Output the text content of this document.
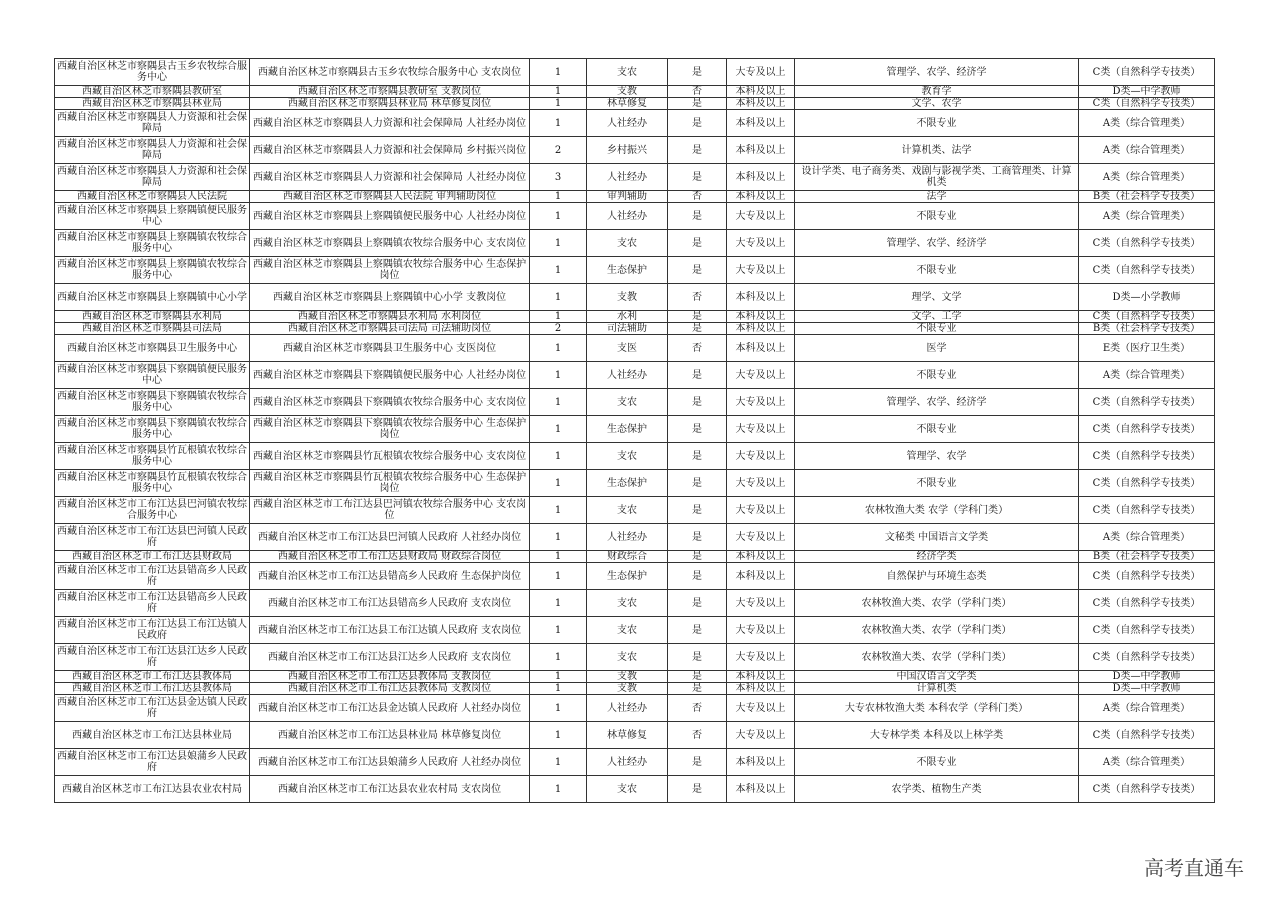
西藏自治区林芝市察隅县古玉乡农牧综合服务中心	西藏自治区林芝市察隅县古玉乡农牧综合服务中心 支农岗位	1	支农	是	大专及以上	管理学、农学、经济学	C类（自然科学专技类）
西藏自治区林芝市察隅县教研室	西藏自治区林芝市察隅县教研室 支教岗位	1	支教	否	本科及以上	教育学	D类—中学教师
西藏自治区林芝市察隅县林业局	西藏自治区林芝市察隅县林业局 林草修复岗位	1	林草修复	是	本科及以上	文学、农学	C类（自然科学专技类）
西藏自治区林芝市察隅县人力资源和社会保障局	西藏自治区林芝市察隅县人力资源和社会保障局 人社经办岗位	1	人社经办	是	本科及以上	不限专业	A类（综合管理类）
西藏自治区林芝市察隅县人力资源和社会保障局	西藏自治区林芝市察隅县人力资源和社会保障局 乡村振兴岗位	2	乡村振兴	是	本科及以上	计算机类、法学	A类（综合管理类）
西藏自治区林芝市察隅县人力资源和社会保障局	西藏自治区林芝市察隅县人力资源和社会保障局 人社经办岗位	3	人社经办	是	本科及以上	设计学类、电子商务类、戏剧与影视学类、工商管理类、计算机类	A类（综合管理类）
西藏自治区林芝市察隅县人民法院	西藏自治区林芝市察隅县人民法院 审判辅助岗位	1	审判辅助	否	本科及以上	法学	B类（社会科学专技类）
西藏自治区林芝市察隅县上察隅镇便民服务中心	西藏自治区林芝市察隅县上察隅镇便民服务中心 人社经办岗位	1	人社经办	是	大专及以上	不限专业	A类（综合管理类）
西藏自治区林芝市察隅县上察隅镇农牧综合服务中心	西藏自治区林芝市察隅县上察隅镇农牧综合服务中心 支农岗位	1	支农	是	大专及以上	管理学、农学、经济学	C类（自然科学专技类）
西藏自治区林芝市察隅县上察隅镇农牧综合服务中心	西藏自治区林芝市察隅县上察隅镇农牧综合服务中心 生态保护岗位	1	生态保护	是	大专及以上	不限专业	C类（自然科学专技类）
西藏自治区林芝市察隅县上察隅镇中心小学	西藏自治区林芝市察隅县上察隅镇中心小学 支教岗位	1	支教	否	本科及以上	理学、文学	D类—小学教师
西藏自治区林芝市察隅县水利局	西藏自治区林芝市察隅县水利局 水利岗位	1	水利	是	本科及以上	文学、工学	C类（自然科学专技类）
西藏自治区林芝市察隅县司法局	西藏自治区林芝市察隅县司法局 司法辅助岗位	2	司法辅助	是	本科及以上	不限专业	B类（社会科学专技类）
西藏自治区林芝市察隅县卫生服务中心	西藏自治区林芝市察隅县卫生服务中心 支医岗位	1	支医	否	本科及以上	医学	E类（医疗卫生类）
西藏自治区林芝市察隅县下察隅镇便民服务中心	西藏自治区林芝市察隅县下察隅镇便民服务中心 人社经办岗位	1	人社经办	是	大专及以上	不限专业	A类（综合管理类）
西藏自治区林芝市察隅县下察隅镇农牧综合服务中心	西藏自治区林芝市察隅县下察隅镇农牧综合服务中心 支农岗位	1	支农	是	大专及以上	管理学、农学、经济学	C类（自然科学专技类）
西藏自治区林芝市察隅县下察隅镇农牧综合服务中心	西藏自治区林芝市察隅县下察隅镇农牧综合服务中心 生态保护岗位	1	生态保护	是	大专及以上	不限专业	C类（自然科学专技类）
西藏自治区林芝市察隅县竹瓦根镇农牧综合服务中心	西藏自治区林芝市察隅县竹瓦根镇农牧综合服务中心 支农岗位	1	支农	是	大专及以上	管理学、农学	C类（自然科学专技类）
西藏自治区林芝市察隅县竹瓦根镇农牧综合服务中心	西藏自治区林芝市察隅县竹瓦根镇农牧综合服务中心 生态保护岗位	1	生态保护	是	大专及以上	不限专业	C类（自然科学专技类）
西藏自治区林芝市工布江达县巴河镇农牧综合服务中心	西藏自治区林芝市工布江达县巴河镇农牧综合服务中心 支农岗位	1	支农	是	大专及以上	农林牧渔大类 农学（学科门类）	C类（自然科学专技类）
西藏自治区林芝市工布江达县巴河镇人民政府	西藏自治区林芝市工布江达县巴河镇人民政府 人社经办岗位	1	人社经办	是	大专及以上	文秘类 中国语言文学类	A类（综合管理类）
西藏自治区林芝市工布江达县财政局	西藏自治区林芝市工布江达县财政局 财政综合岗位	1	财政综合	是	本科及以上	经济学类	B类（社会科学专技类）
西藏自治区林芝市工布江达县错高乡人民政府	西藏自治区林芝市工布江达县错高乡人民政府 生态保护岗位	1	生态保护	是	本科及以上	自然保护与环境生态类	C类（自然科学专技类）
西藏自治区林芝市工布江达县错高乡人民政府	西藏自治区林芝市工布江达县错高乡人民政府 支农岗位	1	支农	是	大专及以上	农林牧渔大类、农学（学科门类）	C类（自然科学专技类）
西藏自治区林芝市工布江达县工布江达镇人民政府	西藏自治区林芝市工布江达县工布江达镇人民政府 支农岗位	1	支农	是	大专及以上	农林牧渔大类、农学（学科门类）	C类（自然科学专技类）
西藏自治区林芝市工布江达县江达乡人民政府	西藏自治区林芝市工布江达县江达乡人民政府 支农岗位	1	支农	是	大专及以上	农林牧渔大类、农学（学科门类）	C类（自然科学专技类）
西藏自治区林芝市工布江达县教体局	西藏自治区林芝市工布江达县教体局 支教岗位	1	支教	是	本科及以上	中国汉语言文学类	D类—中学教师
西藏自治区林芝市工布江达县教体局	西藏自治区林芝市工布江达县教体局 支教岗位	1	支教	是	本科及以上	计算机类	D类—中学教师
西藏自治区林芝市工布江达县金达镇人民政府	西藏自治区林芝市工布江达县金达镇人民政府 人社经办岗位	1	人社经办	否	大专及以上	大专农林牧渔大类 本科农学（学科门类）	A类（综合管理类）
西藏自治区林芝市工布江达县林业局	西藏自治区林芝市工布江达县林业局 林草修复岗位	1	林草修复	否	大专及以上	大专林学类 本科及以上林学类	C类（自然科学专技类）
西藏自治区林芝市工布江达县娘蒲乡人民政府	西藏自治区林芝市工布江达县娘蒲乡人民政府 人社经办岗位	1	人社经办	是	本科及以上	不限专业	A类（综合管理类）
西藏自治区林芝市工布江达县农业农村局	西藏自治区林芝市工布江达县农业农村局 支农岗位	1	支农	是	本科及以上	农学类、植物生产类	C类（自然科学专技类）
高考直通车
